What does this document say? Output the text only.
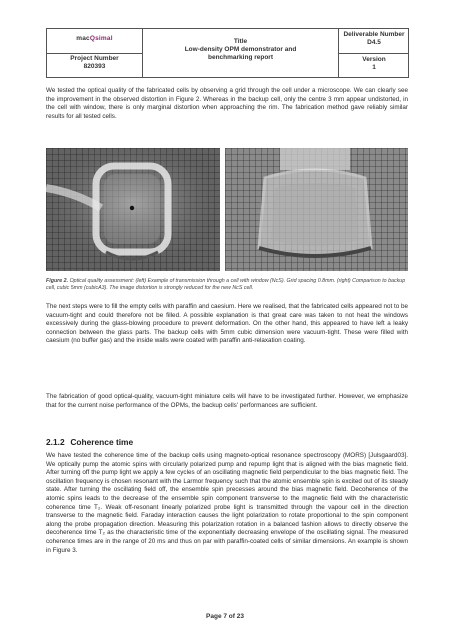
macQsimal
Project Number
820393
Title
Low-density OPM demonstrator and benchmarking report
Deliverable Number
D4.5
Version
1
We tested the optical quality of the fabricated cells by observing a grid through the cell under a microscope. We can clearly see the improvement in the observed distortion in Figure 2. Whereas in the backup cell, only the centre 3 mm appear undistorted, in the cell with window, there is only marginal distortion when approaching the rim. The fabrication method gave reliably similar results for all tested cells.
Figure 2. Optical quality assessment: (left) Example of transmission through a cell with window (NcS). Grid spacing 0.8mm. (right) Comparison to backup cell, cubic 5mm (cubicA3). The image distortion is strongly reduced for the new NcS cell.
The next steps were to fill the empty cells with paraffin and caesium. Here we realised, that the fabricated cells appeared not to be vacuum-tight and could therefore not be filled. A possible explanation is that great care was taken to not heat the windows excessively during the glass-blowing procedure to prevent deformation. On the other hand, this appeared to have left a leaky connection between the glass parts. The backup cells with 5mm cubic dimension were vacuum-tight. These were filled with caesium (no buffer gas) and the inside walls were coated with paraffin anti-relaxation coating.
The fabrication of good optical-quality, vacuum-tight miniature cells will have to be investigated further. However, we emphasize that for the current noise performance of the OPMs, the backup cells' performances are sufficient.
2.1.2 Coherence time
We have tested the coherence time of the backup cells using magneto-optical resonance spectroscopy (MORS) [Julsgaard03]. We optically pump the atomic spins with circularly polarized pump and repump light that is aligned with the bias magnetic field. After turning off the pump light we apply a few cycles of an oscillating magnetic field perpendicular to the bias magnetic field. The oscillation frequency is chosen resonant with the Larmor frequency such that the atomic ensemble spin is excited out of its steady state. After turning the oscillating field off, the ensemble spin precesses around the bias magnetic field. Decoherence of the atomic spins leads to the decrease of the ensemble spin component transverse to the magnetic field with the characteristic coherence time T₂. Weak off-resonant linearly polarized probe light is transmitted through the vapour cell in the direction transverse to the magnetic field. Faraday interaction causes the light polarization to rotate proportional to the spin component along the probe propagation direction. Measuring this polarization rotation in a balanced fashion allows to directly observe the decoherence time T₂ as the characteristic time of the exponentially decreasing envelope of the oscillating signal. The measured coherence times are in the range of 20 ms and thus on par with paraffin-coated cells of similar dimensions. An example is shown in Figure 3.
Page 7 of 23
